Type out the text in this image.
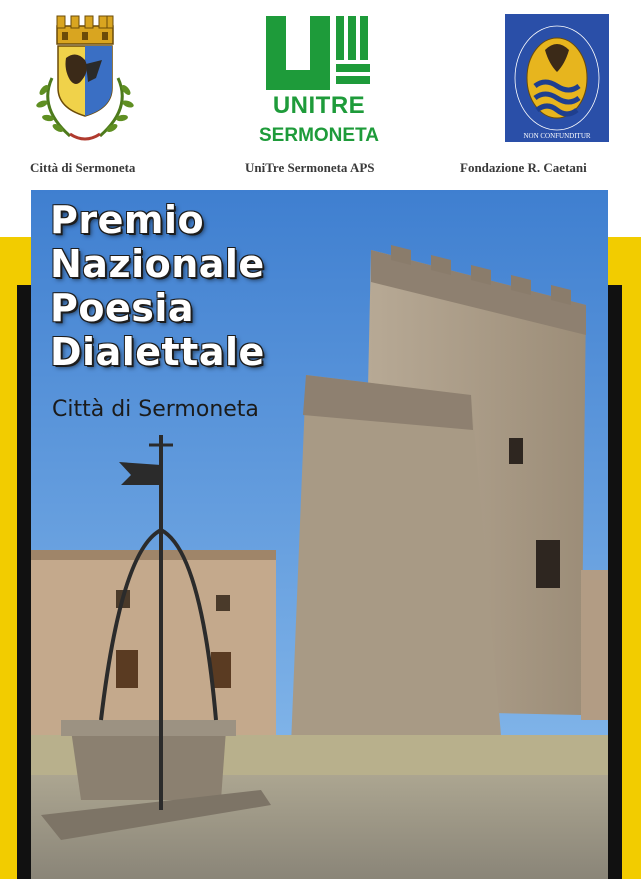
Città di Sermoneta
UNITRE
SERMONETA
UniTre Sermoneta APS
NON CONFUNDITUR
Fondazione R. Caetani
Premio
Nazionale
Poesia
Dialettale
Città di Sermoneta
